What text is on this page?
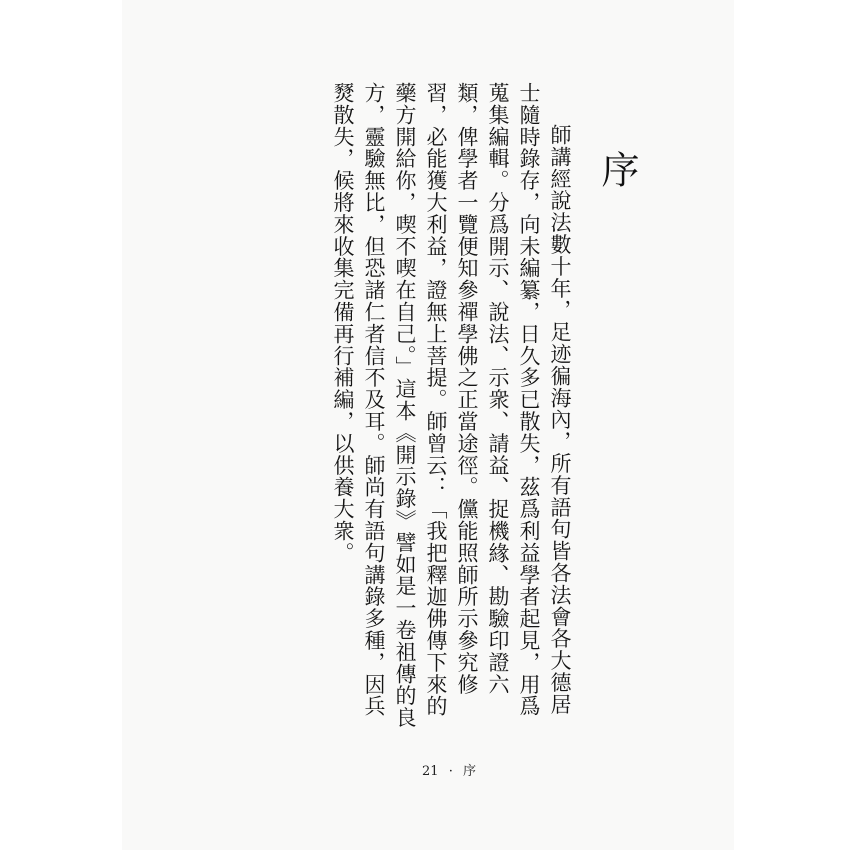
序

師講經說法數十年，足迹徧海內，所有語句皆各法會各大德居士隨時錄存，向未編纂，日久多已散失，茲爲利益學者起見，用爲蒐集編輯。分爲開示、說法、示衆、請益、捉機緣、勘驗印證六類，俾學者一覽便知參禪學佛之正當途徑。儻能照師所示參究修習，必能獲大利益，證無上菩提。師曾云：「我把釋迦佛傳下來的藥方開給你，喫不喫在自己。」這本《開示錄》譬如是一卷祖傳的良方，靈驗無比，但恐諸仁者信不及耳。師尚有語句講錄多種，因兵燹散失，候將來收集完備再行補編，以供養大衆。

21 · 序
